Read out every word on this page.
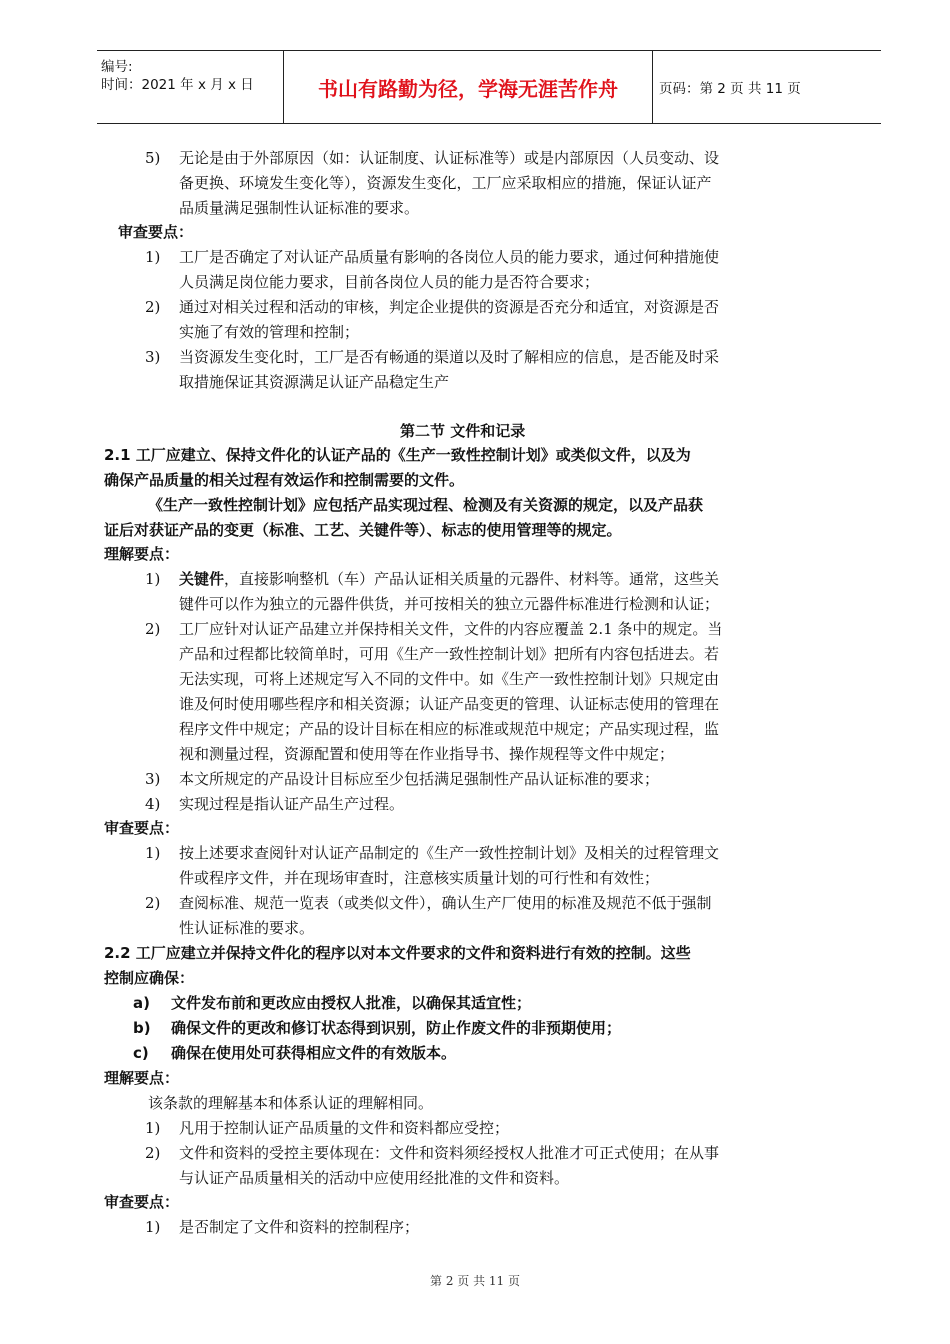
编号:
时间：2021 年 x 月 x 日	书山有路勤为径，学海无涯苦作舟	页码：第 2 页 共 11 页
5) 无论是由于外部原因（如：认证制度、认证标准等）或是内部原因（人员变动、设
备更换、环境发生变化等），资源发生变化，工厂应采取相应的措施，保证认证产
品质量满足强制性认证标准的要求。
审查要点：
1) 工厂是否确定了对认证产品质量有影响的各岗位人员的能力要求，通过何种措施使
人员满足岗位能力要求，目前各岗位人员的能力是否符合要求；
2) 通过对相关过程和活动的审核，判定企业提供的资源是否充分和适宜，对资源是否
实施了有效的管理和控制；
3) 当资源发生变化时，工厂是否有畅通的渠道以及时了解相应的信息，是否能及时采
取措施保证其资源满足认证产品稳定生产
第二节 文件和记录
2.1 工厂应建立、保持文件化的认证产品的《生产一致性控制计划》或类似文件，以及为
确保产品质量的相关过程有效运作和控制需要的文件。
《生产一致性控制计划》应包括产品实现过程、检测及有关资源的规定，以及产品获
证后对获证产品的变更（标准、工艺、关键件等）、标志的使用管理等的规定。
理解要点：
1) 关键件，直接影响整机（车）产品认证相关质量的元器件、材料等。通常，这些关
键件可以作为独立的元器件供货，并可按相关的独立元器件标准进行检测和认证；
2) 工厂应针对认证产品建立并保持相关文件，文件的内容应覆盖 2.1 条中的规定。当
产品和过程都比较简单时，可用《生产一致性控制计划》把所有内容包括进去。若
无法实现，可将上述规定写入不同的文件中。如《生产一致性控制计划》只规定由
谁及何时使用哪些程序和相关资源；认证产品变更的管理、认证标志使用的管理在
程序文件中规定；产品的设计目标在相应的标准或规范中规定；产品实现过程，监
视和测量过程，资源配置和使用等在作业指导书、操作规程等文件中规定；
3) 本文所规定的产品设计目标应至少包括满足强制性产品认证标准的要求；
4) 实现过程是指认证产品生产过程。
审查要点：
1) 按上述要求查阅针对认证产品制定的《生产一致性控制计划》及相关的过程管理文
件或程序文件，并在现场审查时，注意核实质量计划的可行性和有效性；
2) 查阅标准、规范一览表（或类似文件），确认生产厂使用的标准及规范不低于强制
性认证标准的要求。
2.2 工厂应建立并保持文件化的程序以对本文件要求的文件和资料进行有效的控制。这些
控制应确保：
a) 文件发布前和更改应由授权人批准，以确保其适宜性；
b) 确保文件的更改和修订状态得到识别，防止作废文件的非预期使用；
c) 确保在使用处可获得相应文件的有效版本。
理解要点：
该条款的理解基本和体系认证的理解相同。
1) 凡用于控制认证产品质量的文件和资料都应受控；
2) 文件和资料的受控主要体现在：文件和资料须经授权人批准才可正式使用；在从事
与认证产品质量相关的活动中应使用经批准的文件和资料。
审查要点：
1) 是否制定了文件和资料的控制程序；
第 2 页 共 11 页
